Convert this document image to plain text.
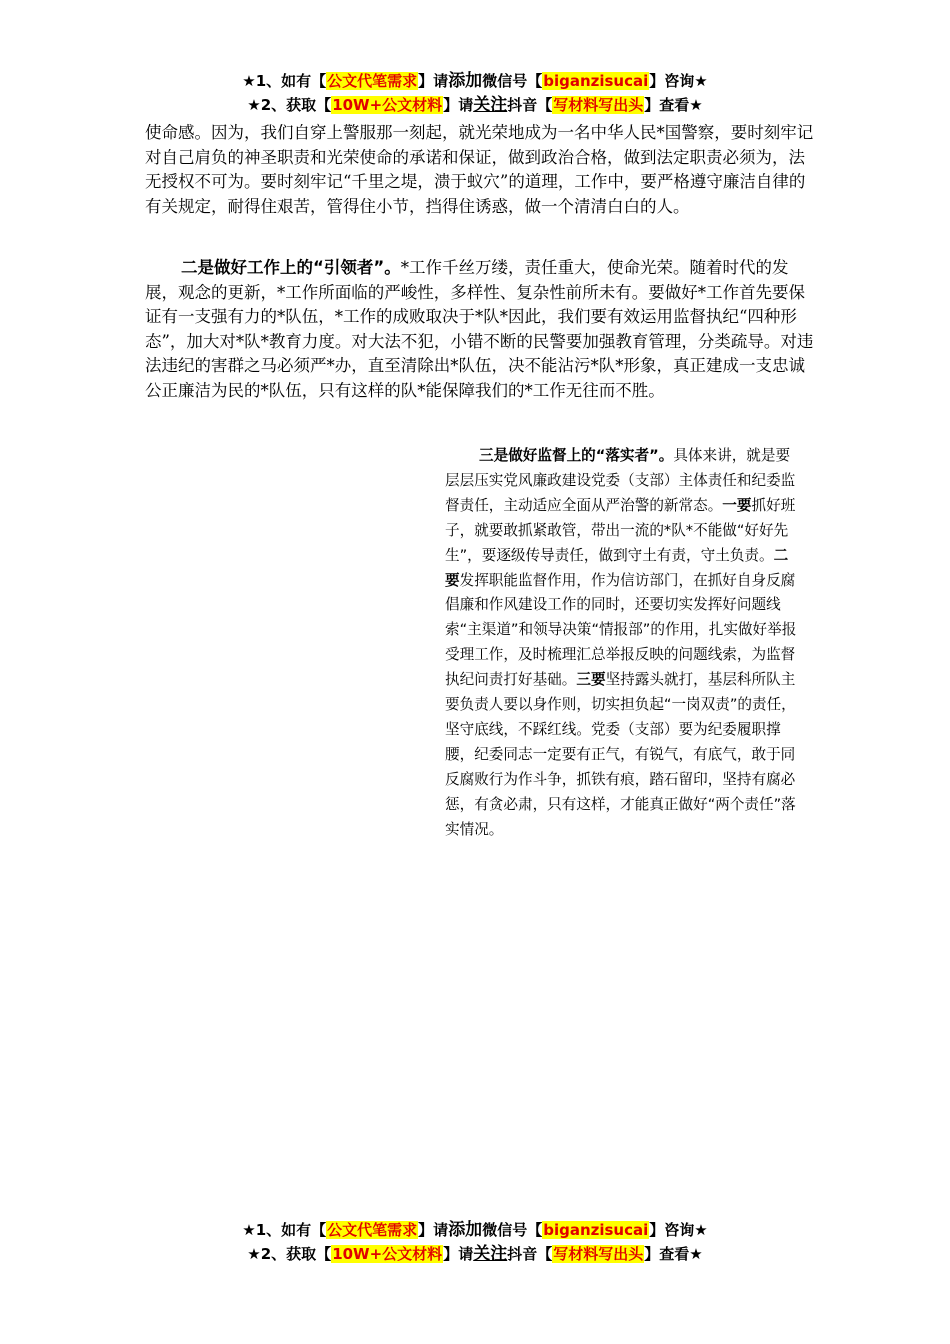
★1、如有【公文代笔需求】请添加微信号【biganzisucai】咨询★
★2、获取【10W+公文材料】请关注抖音【写材料写出头】查看★

使命感。因为，我们自穿上警服那一刻起，就光荣地成为一名中华人民*国警察，要时刻牢记对自己肩负的神圣职责和光荣使命的承诺和保证，做到政治合格，做到法定职责必须为，法无授权不可为。要时刻牢记“千里之堤，溃于蚁穴”的道理，工作中，要严格遵守廉洁自律的有关规定，耐得住艰苦，管得住小节，挡得住诱惑，做一个清清白白的人。

二是做好工作上的“引领者”。*工作千丝万缕，责任重大，使命光荣。随着时代的发展，观念的更新，*工作所面临的严峻性，多样性、复杂性前所未有。要做好*工作首先要保证有一支强有力的*队伍，*工作的成败取决于*队*因此，我们要有效运用监督执纪“四种形态”，加大对*队*教育力度。对大法不犯，小错不断的民警要加强教育管理，分类疏导。对违法违纪的害群之马必须严*办，直至清除出*队伍，决不能沾污*队*形象，真正建成一支忠诚公正廉洁为民的*队伍，只有这样的队*能保障我们的*工作无往而不胜。

三是做好监督上的“落实者”。具体来讲，就是要层层压实党风廉政建设党委（支部）主体责任和纪委监督责任，主动适应全面从严治警的新常态。一要抓好班子，就要敢抓紧敢管，带出一流的*队*不能做“好好先生”，要逐级传导责任，做到守土有责，守土负责。二要发挥职能监督作用，作为信访部门，在抓好自身反腐倡廉和作风建设工作的同时，还要切实发挥好问题线索“主渠道”和领导决策“情报部”的作用，扎实做好举报受理工作，及时梳理汇总举报反映的问题线索，为监督执纪问责打好基础。三要坚持露头就打，基层科所队主要负责人要以身作则，切实担负起“一岗双责”的责任，坚守底线，不踩红线。党委（支部）要为纪委履职撑腰，纪委同志一定要有正气，有锐气，有底气，敢于同反腐败行为作斗争，抓铁有痕，踏石留印，坚持有腐必惩，有贪必肃，只有这样，才能真正做好“两个责任”落实情况。

★1、如有【公文代笔需求】请添加微信号【biganzisucai】咨询★
★2、获取【10W+公文材料】请关注抖音【写材料写出头】查看★
